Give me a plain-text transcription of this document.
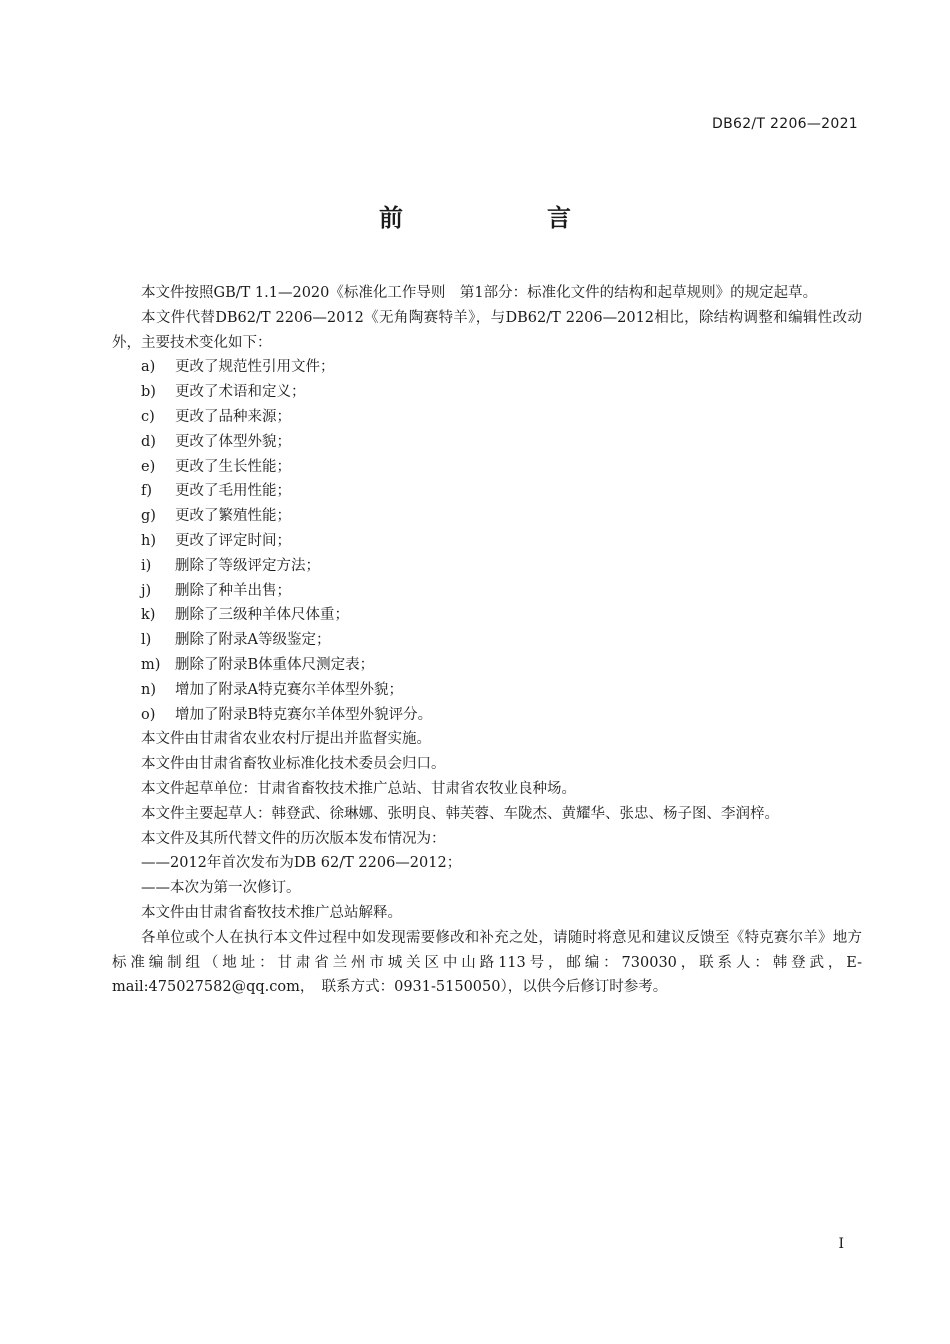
DB62/T 2206—2021
前　言
本文件按照GB/T 1.1—2020《标准化工作导则　第1部分：标准化文件的结构和起草规则》的规定起草。
本文件代替DB62/T 2206—2012《无角陶赛特羊》，与DB62/T 2206—2012相比，除结构调整和编辑性改动外，主要技术变化如下：
a) 更改了规范性引用文件；
b) 更改了术语和定义；
c) 更改了品种来源；
d) 更改了体型外貌；
e) 更改了生长性能；
f) 更改了毛用性能；
g) 更改了繁殖性能；
h) 更改了评定时间；
i) 删除了等级评定方法；
j) 删除了种羊出售；
k) 删除了三级种羊体尺体重；
l) 删除了附录A等级鉴定；
m) 删除了附录B体重体尺测定表；
n) 增加了附录A特克赛尔羊体型外貌；
o) 增加了附录B特克赛尔羊体型外貌评分。
本文件由甘肃省农业农村厅提出并监督实施。
本文件由甘肃省畜牧业标准化技术委员会归口。
本文件起草单位：甘肃省畜牧技术推广总站、甘肃省农牧业良种场。
本文件主要起草人：韩登武、徐琳娜、张明良、韩芙蓉、车陇杰、黄耀华、张忠、杨子图、李润梓。
本文件及其所代替文件的历次版本发布情况为：
——2012年首次发布为DB 62/T 2206—2012；
——本次为第一次修订。
本文件由甘肃省畜牧技术推广总站解释。
各单位或个人在执行本文件过程中如发现需要修改和补充之处，请随时将意见和建议反馈至《特克赛尔羊》地方标准编制组（地址：甘肃省兰州市城关区中山路113号，邮编：730030，联系人：韩登武，E-mail:475027582@qq.com，　联系方式：0931-5150050），以供今后修订时参考。
I
